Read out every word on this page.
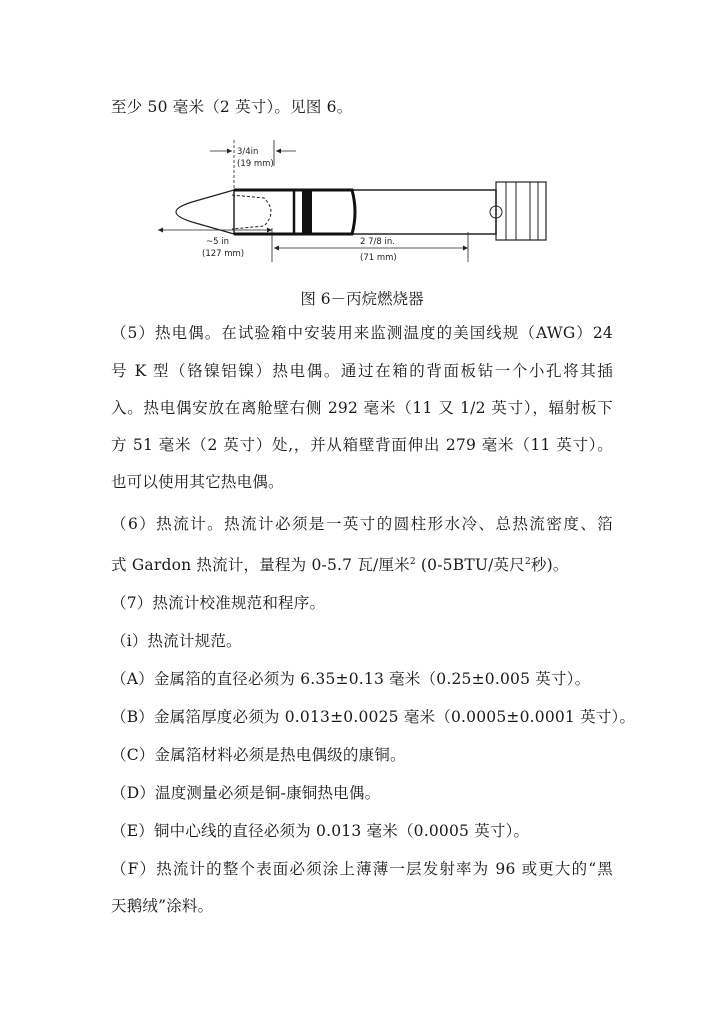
至少 50 毫米（2 英寸）。见图 6。
3/4in
(19 mm)
~5 in
(127 mm)
2 7/8 in.
(71 mm)
图 6－丙烷燃烧器
（5）热电偶。在试验箱中安装用来监测温度的美国线规（AWG）24
号 K 型（铬镍铝镍）热电偶。通过在箱的背面板钻一个小孔将其插
入。热电偶安放在离舱壁右侧 292 毫米（11 又 1/2 英寸），辐射板下
方 51 毫米（2 英寸）处,，并从箱壁背面伸出 279 毫米（11 英寸）。
也可以使用其它热电偶。
（6）热流计。热流计必须是一英寸的圆柱形水冷、总热流密度、箔
式 Gardon 热流计，量程为 0-5.7 瓦/厘米$^2$ (0-5BTU/英尺$^2$秒)。
（7）热流计校准规范和程序。
（i）热流计规范。
（A）金属箔的直径必须为 6.35±0.13 毫米（0.25±0.005 英寸）。
（B）金属箔厚度必须为 0.013±0.0025 毫米（0.0005±0.0001 英寸）。
（C）金属箔材料必须是热电偶级的康铜。
（D）温度测量必须是铜-康铜热电偶。
（E）铜中心线的直径必须为 0.013 毫米（0.0005 英寸）。
（F）热流计的整个表面必须涂上薄薄一层发射率为 96 或更大的“黑
天鹅绒”涂料。
